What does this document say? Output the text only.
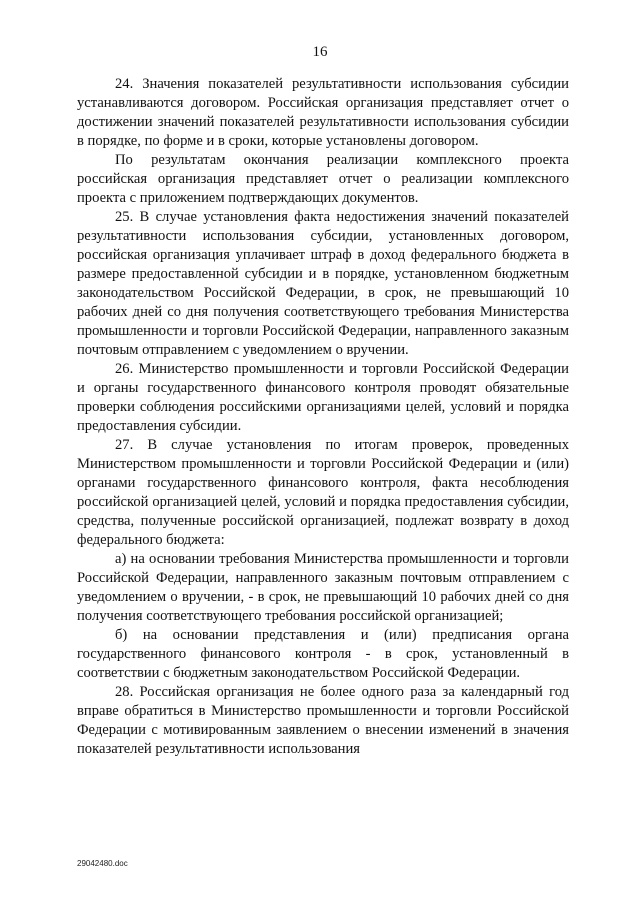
16

24. Значения показателей результативности использования субсидии устанавливаются договором. Российская организация представляет отчет о достижении значений показателей результативности использования субсидии в порядке, по форме и в сроки, которые установлены договором.

По результатам окончания реализации комплексного проекта российская организация представляет отчет о реализации комплексного проекта с приложением подтверждающих документов.

25. В случае установления факта недостижения значений показателей результативности использования субсидии, установленных договором, российская организация уплачивает штраф в доход федерального бюджета в размере предоставленной субсидии и в порядке, установленном бюджетным законодательством Российской Федерации, в срок, не превышающий 10 рабочих дней со дня получения соответствующего требования Министерства промышленности и торговли Российской Федерации, направленного заказным почтовым отправлением с уведомлением о вручении.

26. Министерство промышленности и торговли Российской Федерации и органы государственного финансового контроля проводят обязательные проверки соблюдения российскими организациями целей, условий и порядка предоставления субсидии.

27. В случае установления по итогам проверок, проведенных Министерством промышленности и торговли Российской Федерации и (или) органами государственного финансового контроля, факта несоблюдения российской организацией целей, условий и порядка предоставления субсидии, средства, полученные российской организацией, подлежат возврату в доход федерального бюджета:

а) на основании требования Министерства промышленности и торговли Российской Федерации, направленного заказным почтовым отправлением с уведомлением о вручении, - в срок, не превышающий 10 рабочих дней со дня получения соответствующего требования российской организацией;

б) на основании представления и (или) предписания органа государственного финансового контроля - в срок, установленный в соответствии с бюджетным законодательством Российской Федерации.

28. Российская организация не более одного раза за календарный год вправе обратиться в Министерство промышленности и торговли Российской Федерации с мотивированным заявлением о внесении изменений в значения показателей результативности использования

29042480.doc
